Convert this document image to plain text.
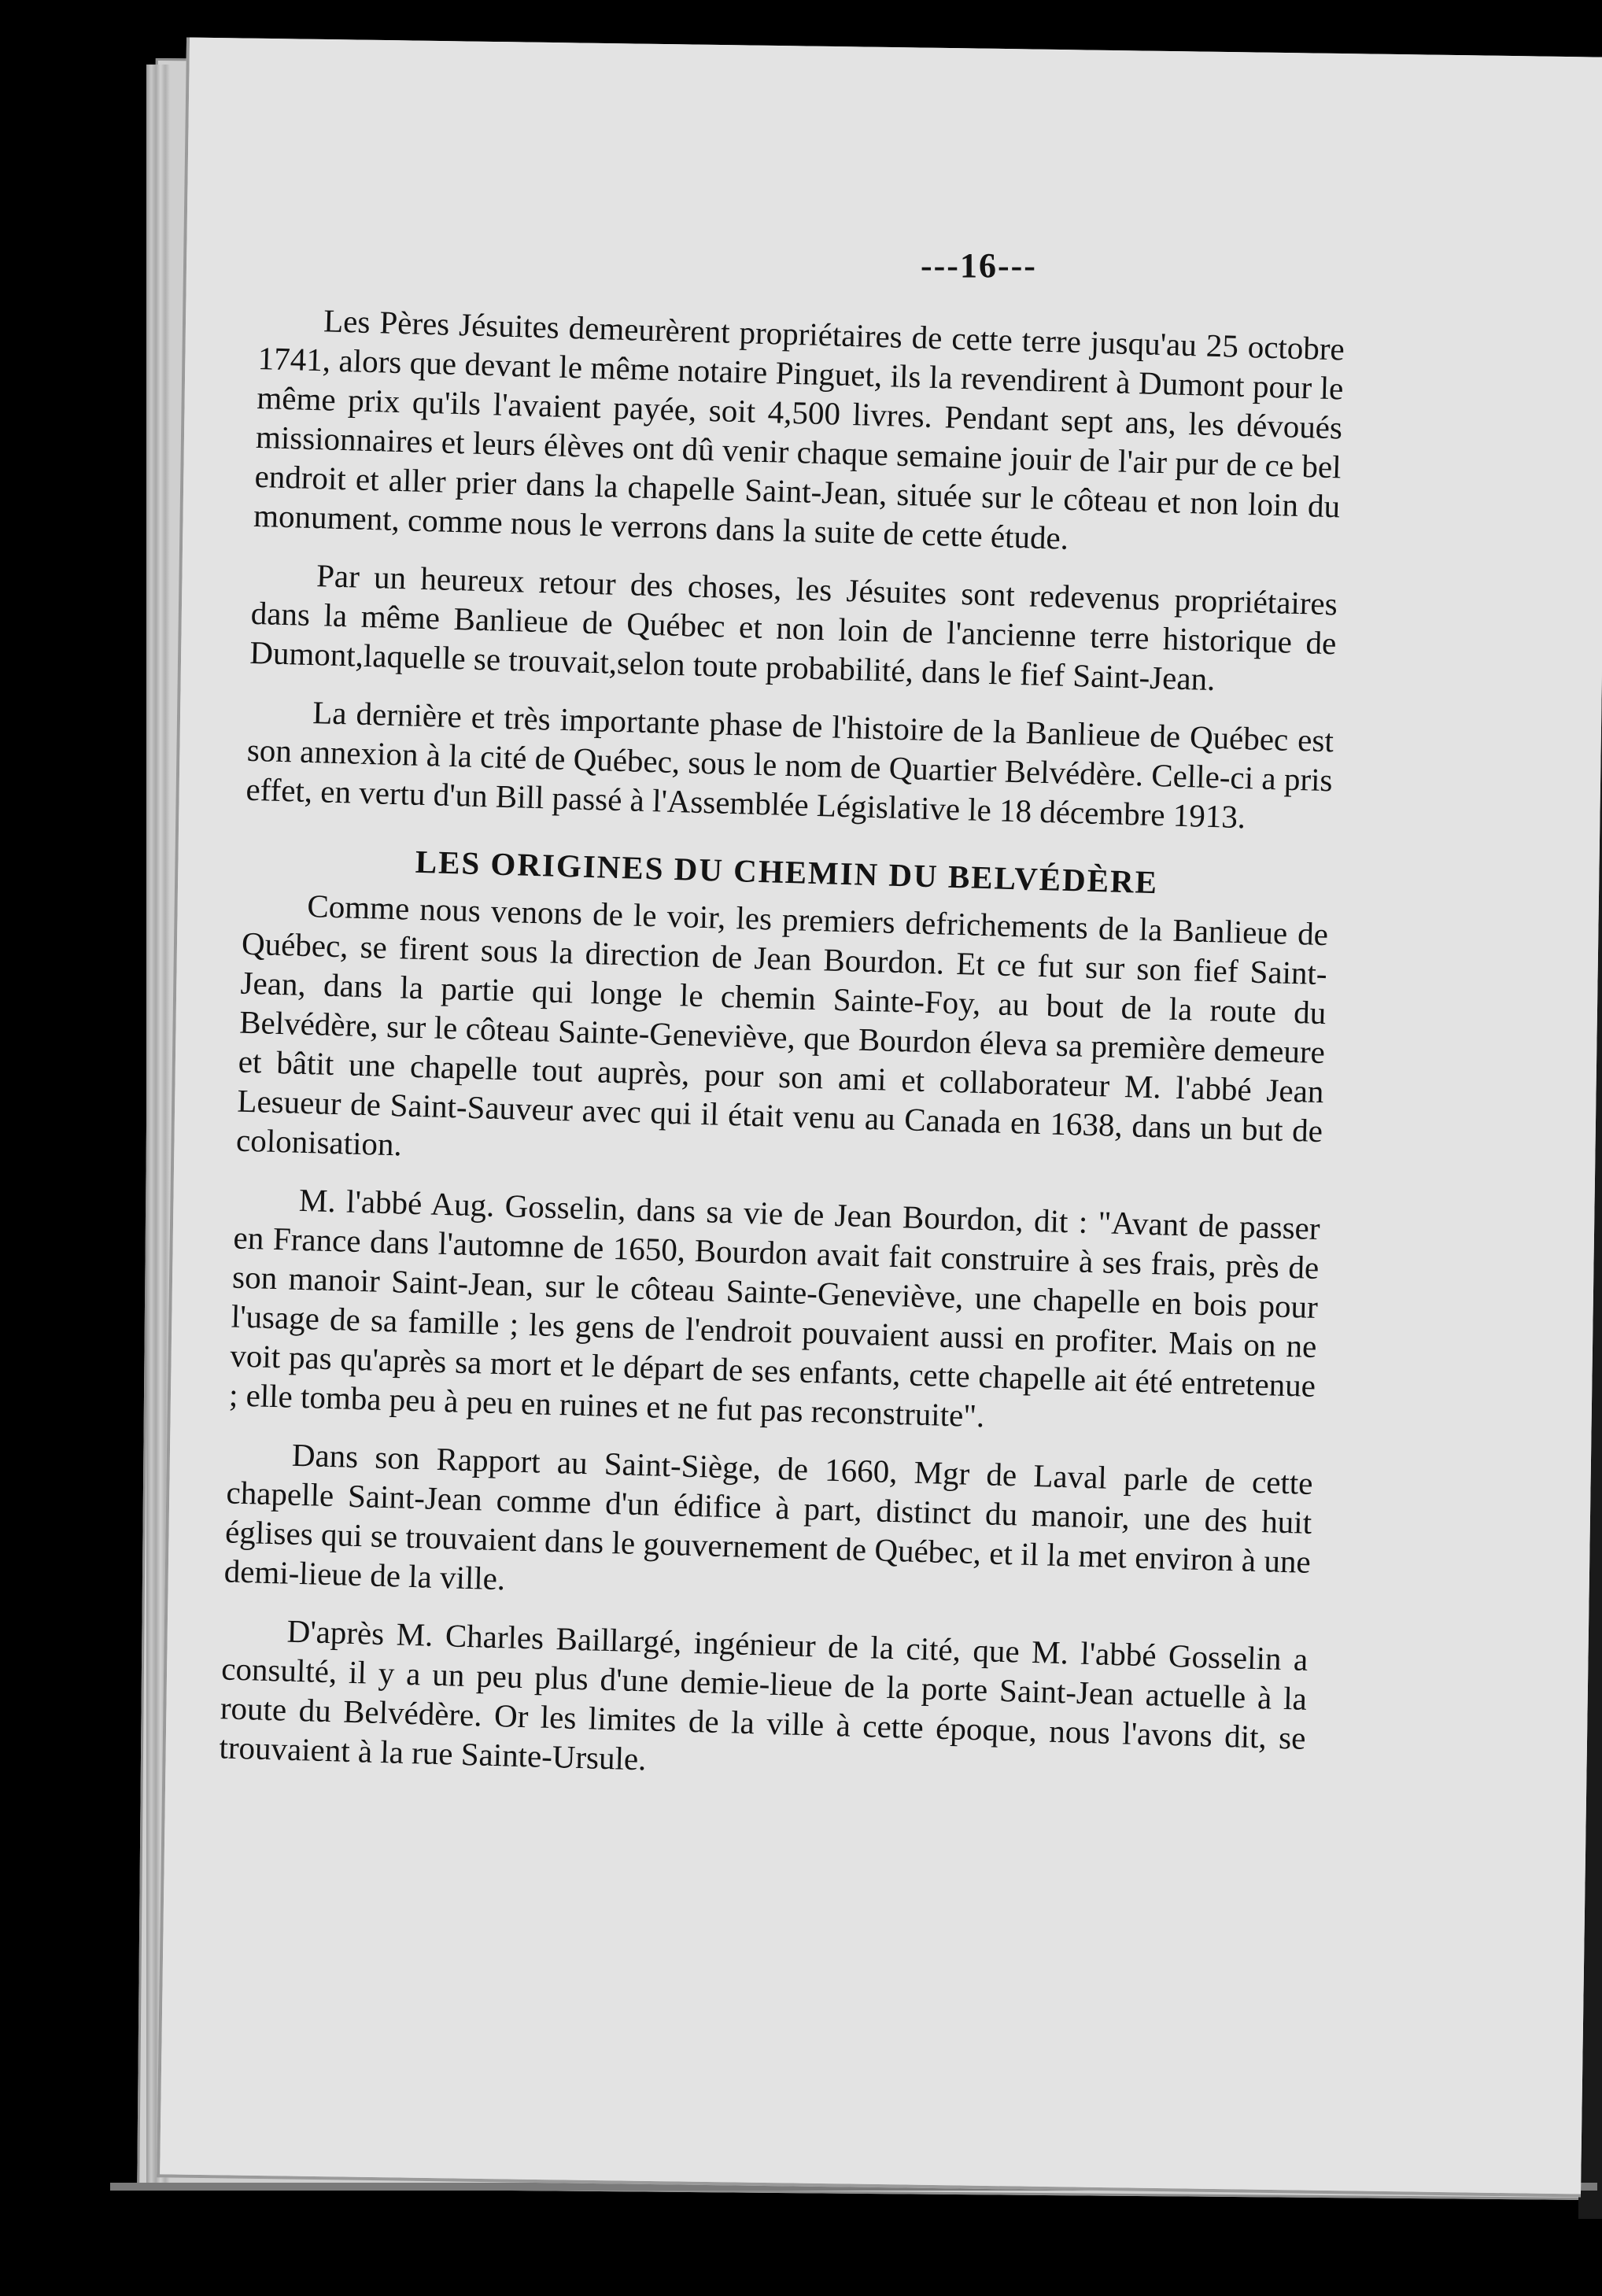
---16---

Les Pères Jésuites demeurèrent propriétaires de cette terre jusqu'au 25 octobre 1741, alors que devant le même notaire Pinguet, ils la revendirent à Dumont pour le même prix qu'ils l'avaient payée, soit 4,500 livres. Pendant sept ans, les dévoués missionnaires et leurs élèves ont dû venir chaque semaine jouir de l'air pur de ce bel endroit et aller prier dans la chapelle Saint-Jean, située sur le côteau et non loin du monument, comme nous le verrons dans la suite de cette étude.

Par un heureux retour des choses, les Jésuites sont redevenus propriétaires dans la même Banlieue de Québec et non loin de l'ancienne terre historique de Dumont,laquelle se trouvait,selon toute probabilité, dans le fief Saint-Jean.

La dernière et très importante phase de l'histoire de la Banlieue de Québec est son annexion à la cité de Québec, sous le nom de Quartier Belvédère. Celle-ci a pris effet, en vertu d'un Bill passé à l'Assemblée Législative le 18 décembre 1913.

LES ORIGINES DU CHEMIN DU BELVÉDÈRE

Comme nous venons de le voir, les premiers defrichements de la Banlieue de Québec, se firent sous la direction de Jean Bourdon. Et ce fut sur son fief Saint-Jean, dans la partie qui longe le chemin Sainte-Foy, au bout de la route du Belvédère, sur le côteau Sainte-Geneviève, que Bourdon éleva sa première demeure et bâtit une chapelle tout auprès, pour son ami et collaborateur M. l'abbé Jean Lesueur de Saint-Sauveur avec qui il était venu au Canada en 1638, dans un but de colonisation.

M. l'abbé Aug. Gosselin, dans sa vie de Jean Bourdon, dit : "Avant de passer en France dans l'automne de 1650, Bourdon avait fait construire à ses frais, près de son manoir Saint-Jean, sur le côteau Sainte-Geneviève, une chapelle en bois pour l'usage de sa famille ; les gens de l'endroit pouvaient aussi en profiter. Mais on ne voit pas qu'après sa mort et le départ de ses enfants, cette chapelle ait été entretenue ; elle tomba peu à peu en ruines et ne fut pas reconstruite".

Dans son Rapport au Saint-Siège, de 1660, Mgr de Laval parle de cette chapelle Saint-Jean comme d'un édifice à part, distinct du manoir, une des huit églises qui se trouvaient dans le gouvernement de Québec, et il la met environ à une demi-lieue de la ville.

D'après M. Charles Baillargé, ingénieur de la cité, que M. l'abbé Gosselin a consulté, il y a un peu plus d'une demie-lieue de la porte Saint-Jean actuelle à la route du Belvédère. Or les limites de la ville à cette époque, nous l'avons dit, se trouvaient à la rue Sainte-Ursule.
